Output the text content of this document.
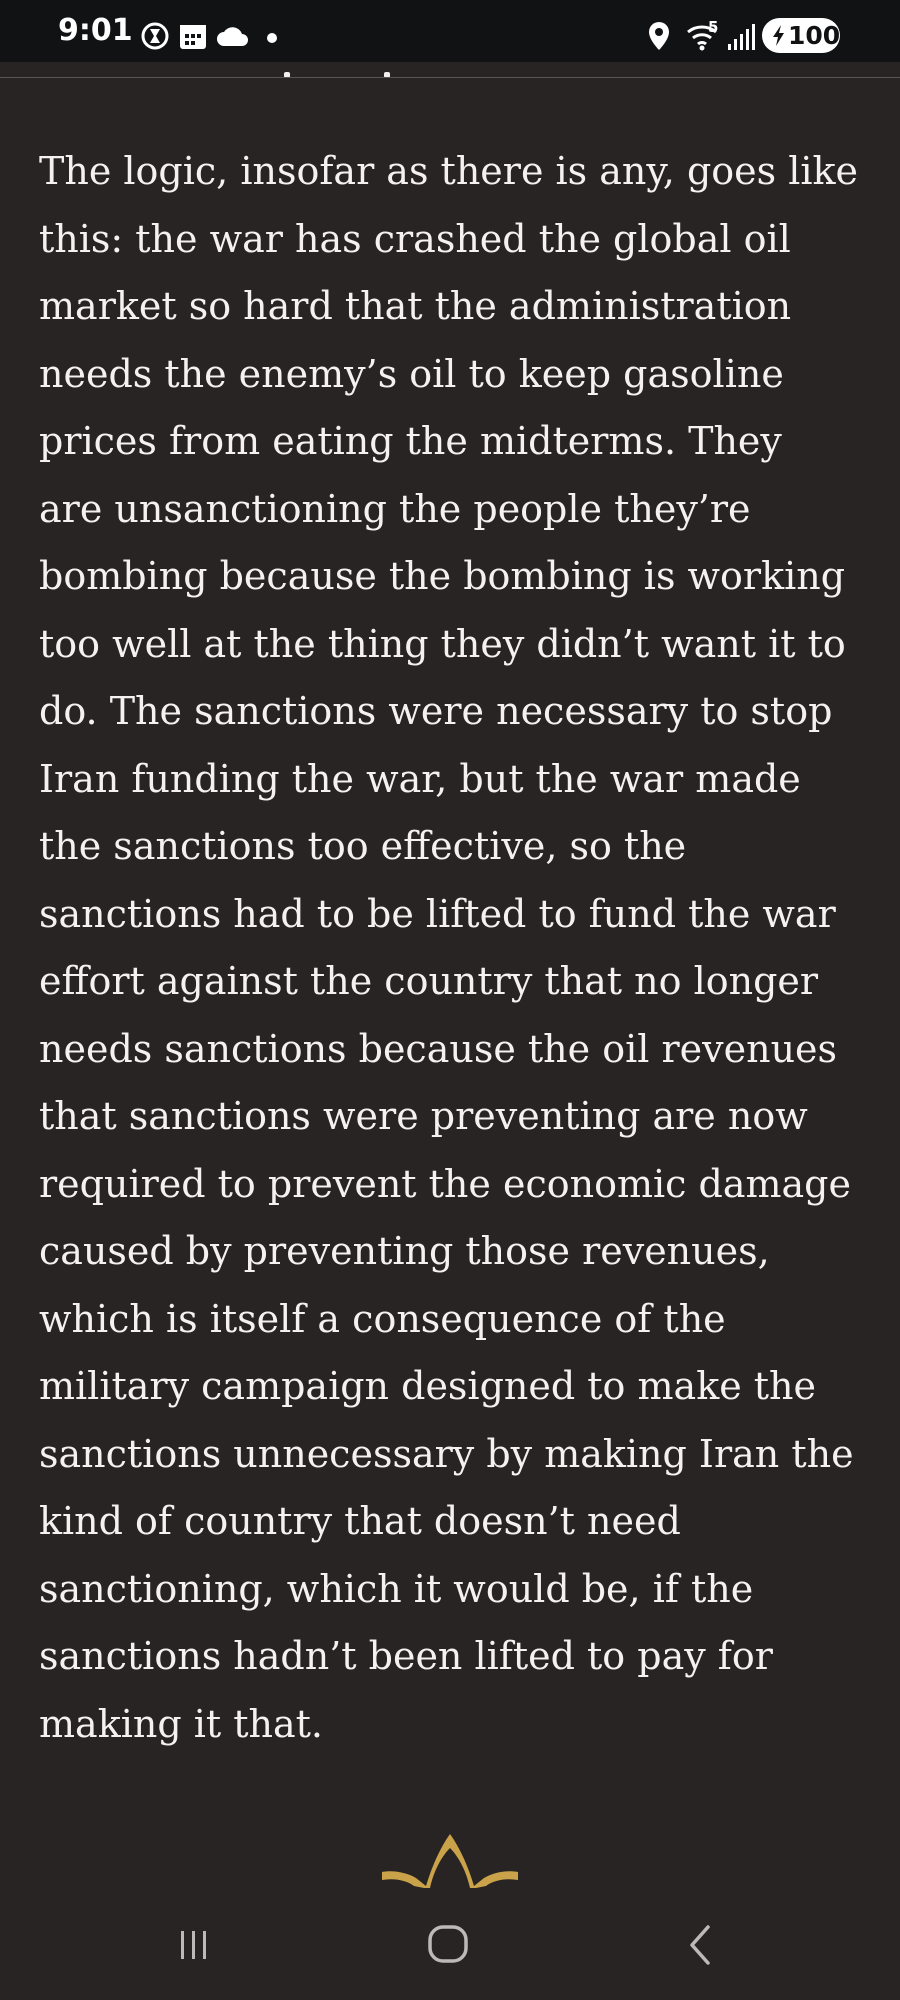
9:01	5	100

The logic, insofar as there is any, goes like
this: the war has crashed the global oil
market so hard that the administration
needs the enemy’s oil to keep gasoline
prices from eating the midterms. They
are unsanctioning the people they’re
bombing because the bombing is working
too well at the thing they didn’t want it to
do. The sanctions were necessary to stop
Iran funding the war, but the war made
the sanctions too effective, so the
sanctions had to be lifted to fund the war
effort against the country that no longer
needs sanctions because the oil revenues
that sanctions were preventing are now
required to prevent the economic damage
caused by preventing those revenues,
which is itself a consequence of the
military campaign designed to make the
sanctions unnecessary by making Iran the
kind of country that doesn’t need
sanctioning, which it would be, if the
sanctions hadn’t been lifted to pay for
making it that.
